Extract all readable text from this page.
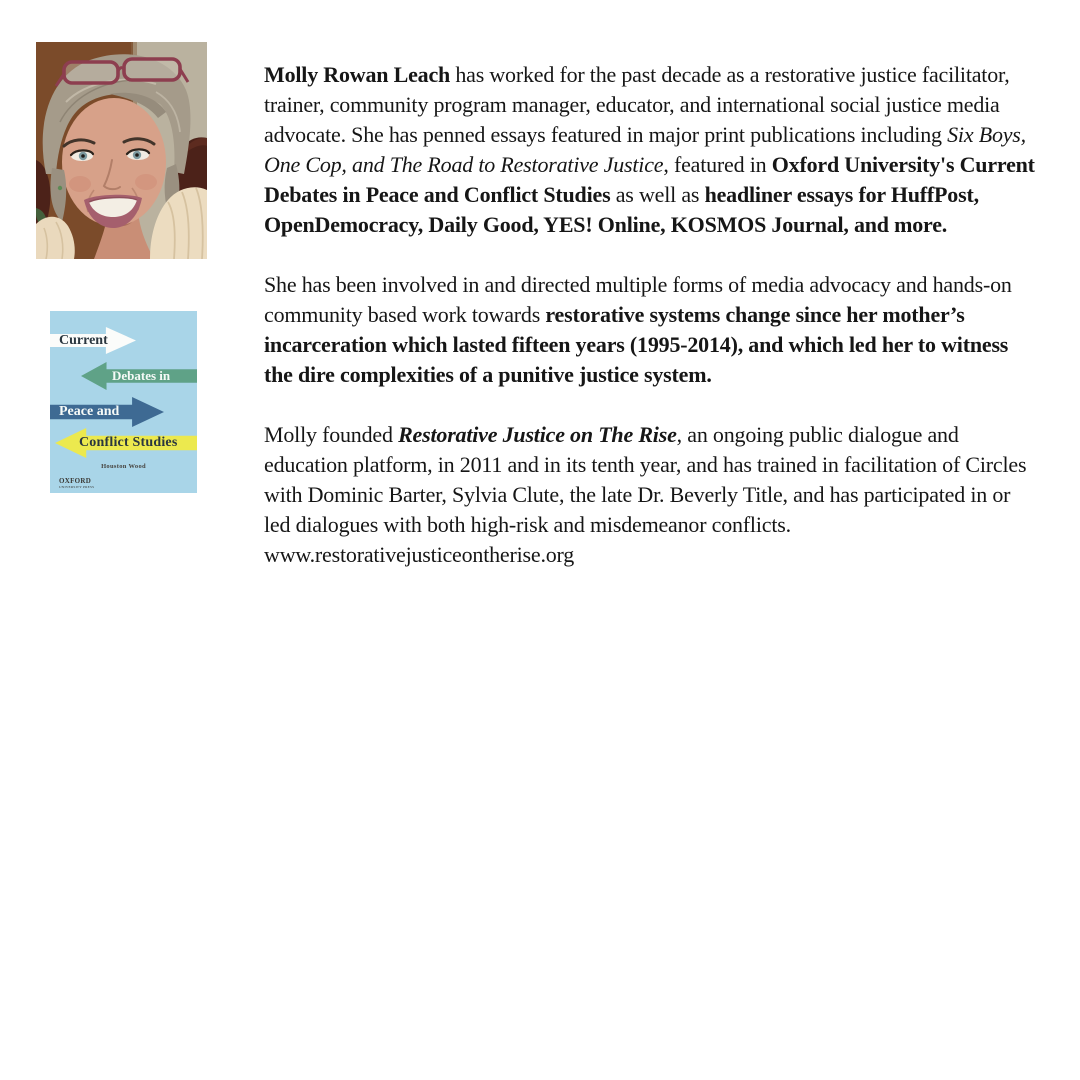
Current
Debates in
Peace and
Conflict Studies
Houston Wood
OXFORD
UNIVERSITY PRESS

Molly Rowan Leach has worked for the past decade as a restorative justice facilitator, trainer, community program manager, educator, and international social justice media advocate. She has penned essays featured in major print publications including Six Boys, One Cop, and The Road to Restorative Justice, featured in Oxford University's Current Debates in Peace and Conflict Studies as well as headliner essays for HuffPost, OpenDemocracy, Daily Good, YES! Online, KOSMOS Journal, and more.

She has been involved in and directed multiple forms of media advocacy and hands-on community based work towards restorative systems change since her mother’s incarceration which lasted fifteen years (1995-2014), and which led her to witness the dire complexities of a punitive justice system.

Molly founded Restorative Justice on The Rise, an ongoing public dialogue and education platform, in 2011 and in its tenth year, and has trained in facilitation of Circles with Dominic Barter, Sylvia Clute, the late Dr. Beverly Title, and has participated in or led dialogues with both high-risk and misdemeanor conflicts.
www.restorativejusticeontherise.org
